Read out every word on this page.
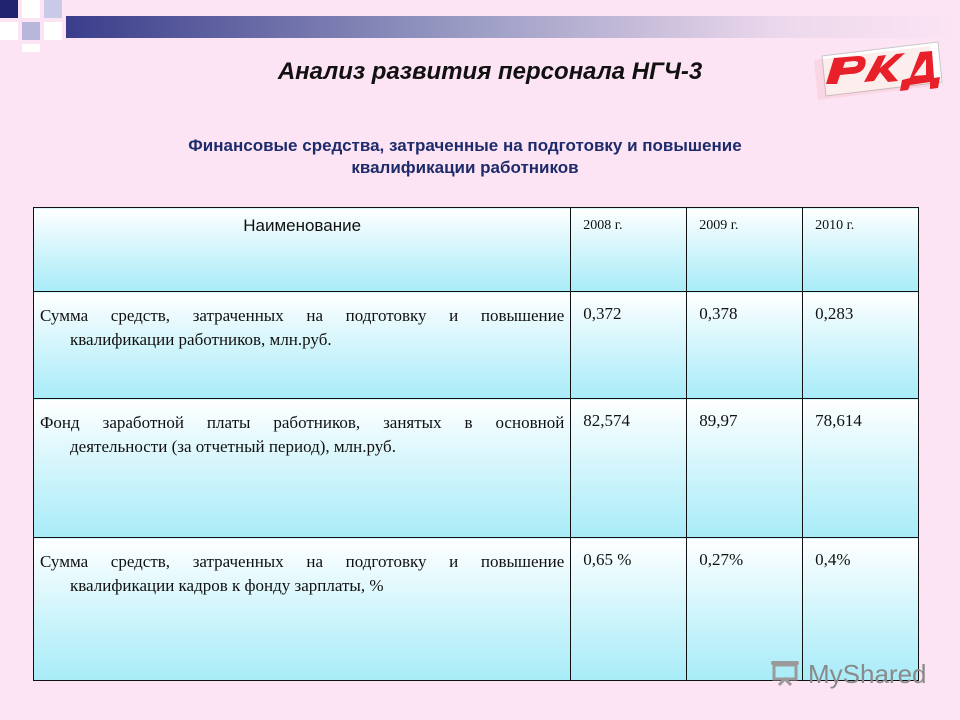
Анализ развития персонала НГЧ-3
Финансовые средства, затраченные на подготовку и повышение
квалификации работников
Наименование	2008 г.	2009 г.	2010 г.

Сумма средств, затраченных на подготовку и повышение
квалификации работников, млн.руб.	0,372	0,378	0,283

Фонд заработной платы работников, занятых в основной
деятельности (за отчетный период), млн.руб.	82,574	89,97	78,614

Сумма средств, затраченных на подготовку и повышение
квалификации кадров к фонду зарплаты, %	0,65 %	0,27%	0,4%
MyShared
